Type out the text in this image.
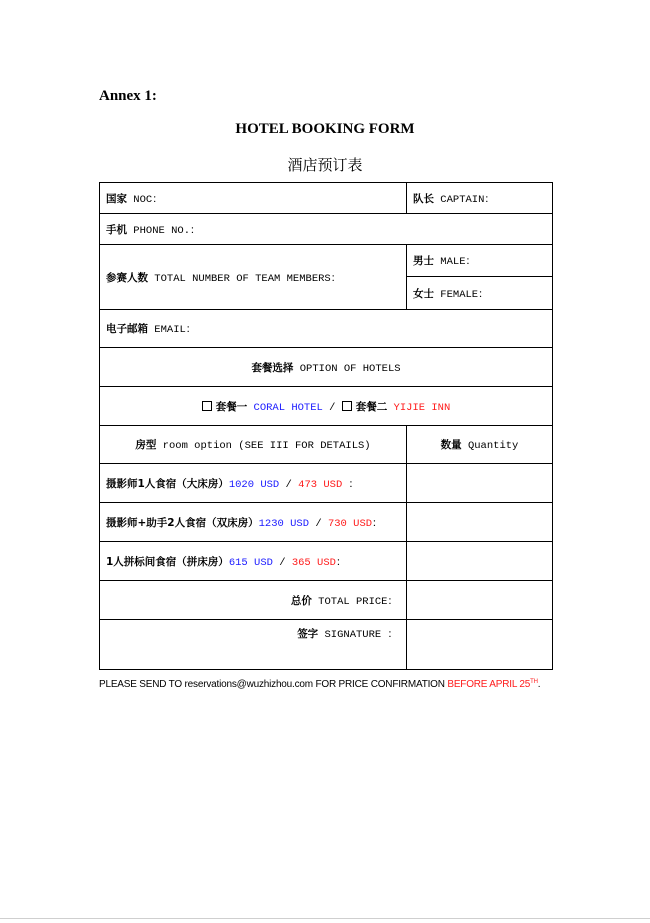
Annex 1:
HOTEL BOOKING FORM
酒店预订表
国家 NOC：	队长 CAPTAIN：
手机 PHONE NO.：	
参赛人数 TOTAL NUMBER OF TEAM MEMBERS：	男士 MALE：
	女士 FEMALE：
电子邮箱 EMAIL：	
套餐选择 OPTION OF HOTELS	
套餐一 CORAL HOTEL / 套餐二 YIJIE INN	
房型 room option (SEE III FOR DETAILS)	数量 Quantity
摄影师1人食宿（大床房）1020 USD / 473 USD ：	
摄影师+助手2人食宿（双床房）1230 USD / 730 USD：	
1人拼标间食宿（拼床房）615 USD / 365 USD：	
总价 TOTAL PRICE：	
签字 SIGNATURE ：	
PLEASE SEND TO reservations@wuzhizhou.com FOR PRICE CONFIRMATION BEFORE APRIL 25TH.
